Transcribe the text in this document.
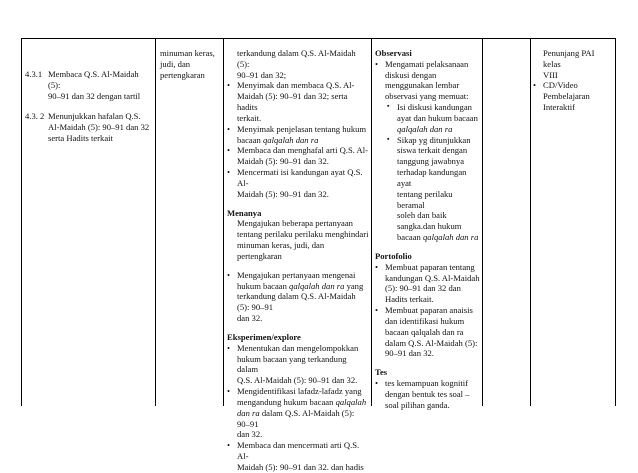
4.3.1 Membaca Q.S. Al-Maidah (5):

90–91 dan 32 dengan tartil

4.3. 2 Menunjukkan hafalan Q.S.

Al-Maidah (5): 90–91 dan 32

serta Hadits terkait

minuman keras,

judi, dan

pertengkaran

terkandung dalam Q.S. Al-Maidah (5):

90–91 dan 32;

• Menyimak dan membaca Q.S. Al-

Maidah (5): 90–91 dan 32; serta hadits

terkait.

• Menyimak penjelasan tentang hukum

bacaan qalqalah dan ra

• Membaca dan menghafal arti Q.S. Al-

Maidah (5): 90–91 dan 32.

• Mencermati isi kandungan ayat Q.S. Al-

Maidah (5): 90–91 dan 32.

Menanya

Mengajukan beberapa pertanyaan

tentang perilaku perilaku menghindari

minuman keras, judi, dan pertengkaran

• Mengajukan pertanyaan mengenai

hukum bacaan qalqalah dan ra yang

terkandung dalam Q.S. Al-Maidah (5): 90–91

dan 32.

Eksperimen/explore

• Menentukan dan mengelompokkan

hukum bacaan yang terkandung dalam

Q.S. Al-Maidah (5): 90–91 dan 32.

• Mengidentifikasi lafadz-lafadz yang

mengandung hukum bacaan qalqalah

dan ra dalam Q.S. Al-Maidah (5): 90–91

dan 32.

• Membaca dan mencermati arti Q.S. Al-

Maidah (5): 90–91 dan 32. dan hadis

Observasi

• Mengamati pelaksanaan

diskusi dengan

menggunakan lembar

observasi yang memuat:

▪ Isi diskusi kandungan

ayat dan hukum bacaan

qalqalah dan ra

▪ Sikap yg ditunjukkan

siswa terkait dengan

tanggung jawabnya

terhadap kandungan ayat

tentang perilaku beramal

soleh dan baik

sangka.dan hukum

bacaan qalqalah dan ra

Portofolio

• Membuat paparan tentang

kandungan Q.S. Al-Maidah

(5): 90–91 dan 32 dan

Hadits terkait.

• Membuat paparan anaisis

dan identifikasi hukum

bacaan qalqalah dan ra

dalam Q.S. Al-Maidah (5):

90–91 dan 32.

Tes

• tes kemampuan kognitif

dengan bentuk tes soal –

soal pilihan ganda.

Penunjang PAI kelas

VIII

• CD/Video

Pembelajaran

Interaktif
